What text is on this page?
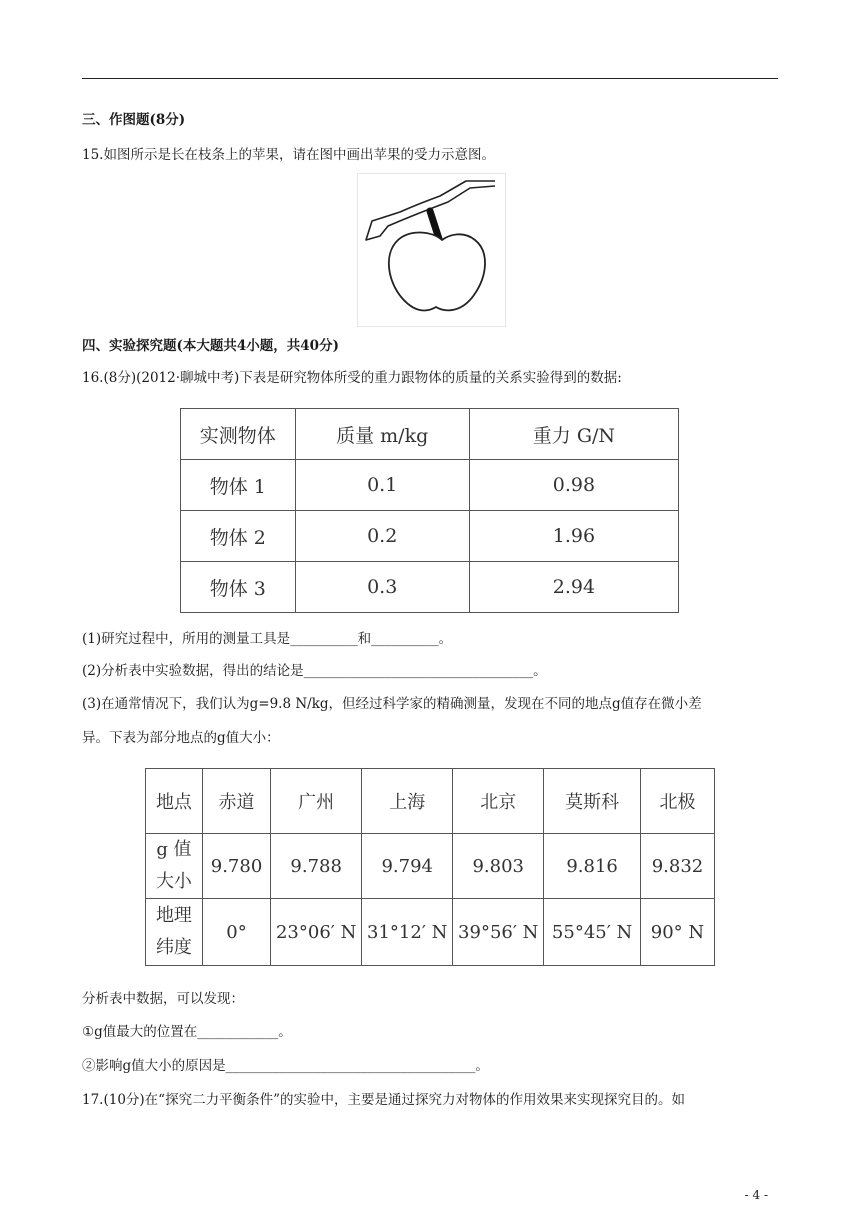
三、作图题(8分)
15.如图所示是长在枝条上的苹果，请在图中画出苹果的受力示意图。
四、实验探究题(本大题共4小题，共40分)
16.(8分)(2012·聊城中考)下表是研究物体所受的重力跟物体的质量的关系实验得到的数据:
实测物体	质量 m/kg	重力 G/N
物体 1	0.1	0.98
物体 2	0.2	1.96
物体 3	0.3	2.94
(1)研究过程中，所用的测量工具是__________和__________。
(2)分析表中实验数据，得出的结论是__________________________________。
(3)在通常情况下，我们认为g=9.8 N/kg，但经过科学家的精确测量，发现在不同的地点g值存在微小差
异。下表为部分地点的g值大小：
地点	赤道	广州	上海	北京	莫斯科	北极
g 值
大小	9.780	9.788	9.794	9.803	9.816	9.832
地理
纬度	0°	23°06′ N	31°12′ N	39°56′ N	55°45′ N	90° N
分析表中数据，可以发现：
①g值最大的位置在____________。
②影响g值大小的原因是_____________________________________。
17.(10分)在“探究二力平衡条件”的实验中，主要是通过探究力对物体的作用效果来实现探究目的。如
- 4 -
